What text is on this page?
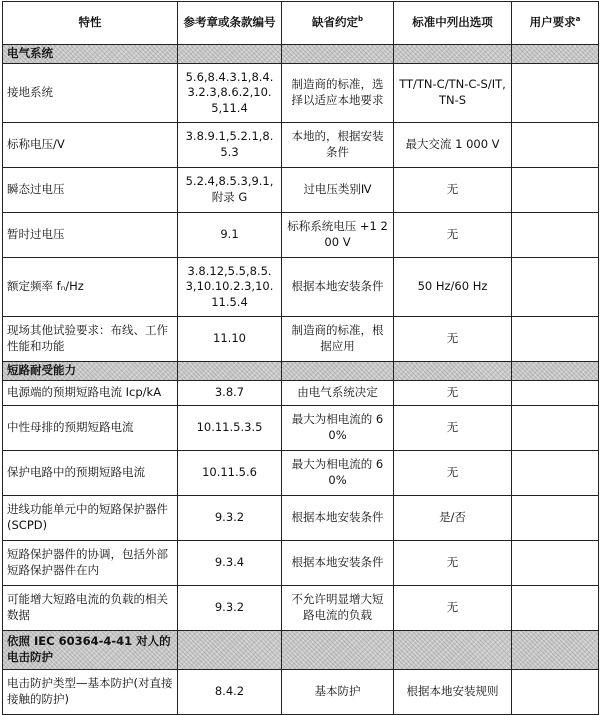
特性	参考章或条款编号	缺省约定$^b$	标准中列出选项	用户要求$^a$
电气系统				
接地系统	5.6,8.4.3.1,8.4.3.2.3,8.6.2,10.5,11.4	制造商的标准，选择以适应本地要求	TT/TN-C/TN-C-S/IT,TN-S	
标称电压/V	3.8.9.1,5.2.1,8.5.3	本地的，根据安装条件	最大交流 1 000 V	
瞬态过电压	5.2.4,8.5.3,9.1,附录 G	过电压类别Ⅳ	无	
暂时过电压	9.1	标称系统电压 +1 200 V	无	
额定频率 fₙ/Hz	3.8.12,5.5,8.5.3,10.10.2.3,10.11.5.4	根据本地安装条件	50 Hz/60 Hz	
现场其他试验要求：布线、工作性能和功能	11.10	制造商的标准，根据应用	无	
短路耐受能力				
电源端的预期短路电流 Icp/kA	3.8.7	由电气系统决定	无	
中性母排的预期短路电流	10.11.5.3.5	最大为相电流的 60%	无	
保护电路中的预期短路电流	10.11.5.6	最大为相电流的 60%	无	
进线功能单元中的短路保护器件(SCPD)	9.3.2	根据本地安装条件	是/否	
短路保护器件的协调，包括外部短路保护器件在内	9.3.4	根据本地安装条件	无	
可能增大短路电流的负载的相关数据	9.3.2	不允许明显增大短路电流的负载	无	
依照 IEC 60364-4-41 对人的电击防护				
电击防护类型—基本防护(对直接接触的防护)	8.4.2	基本防护	根据本地安装规则	
